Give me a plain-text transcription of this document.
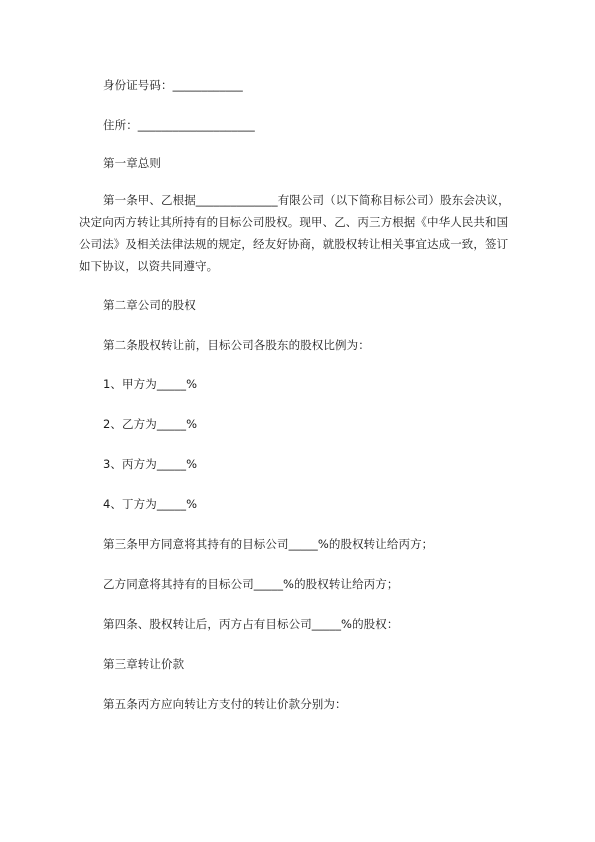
身份证号码：____________
住所：____________________
第一章总则
第一条甲、乙根据______________有限公司（以下简称目标公司）股东会决议，
决定向丙方转让其所持有的目标公司股权。现甲、乙、丙三方根据《中华人民共和国
公司法》及相关法律法规的规定，经友好协商，就股权转让相关事宜达成一致，签订
如下协议，以资共同遵守。
第二章公司的股权
第二条股权转让前，目标公司各股东的股权比例为：
1、甲方为_____%
2、乙方为_____%
3、丙方为_____%
4、丁方为_____%
第三条甲方同意将其持有的目标公司_____%的股权转让给丙方；
乙方同意将其持有的目标公司_____%的股权转让给丙方；
第四条、股权转让后，丙方占有目标公司_____%的股权：
第三章转让价款
第五条丙方应向转让方支付的转让价款分别为：
